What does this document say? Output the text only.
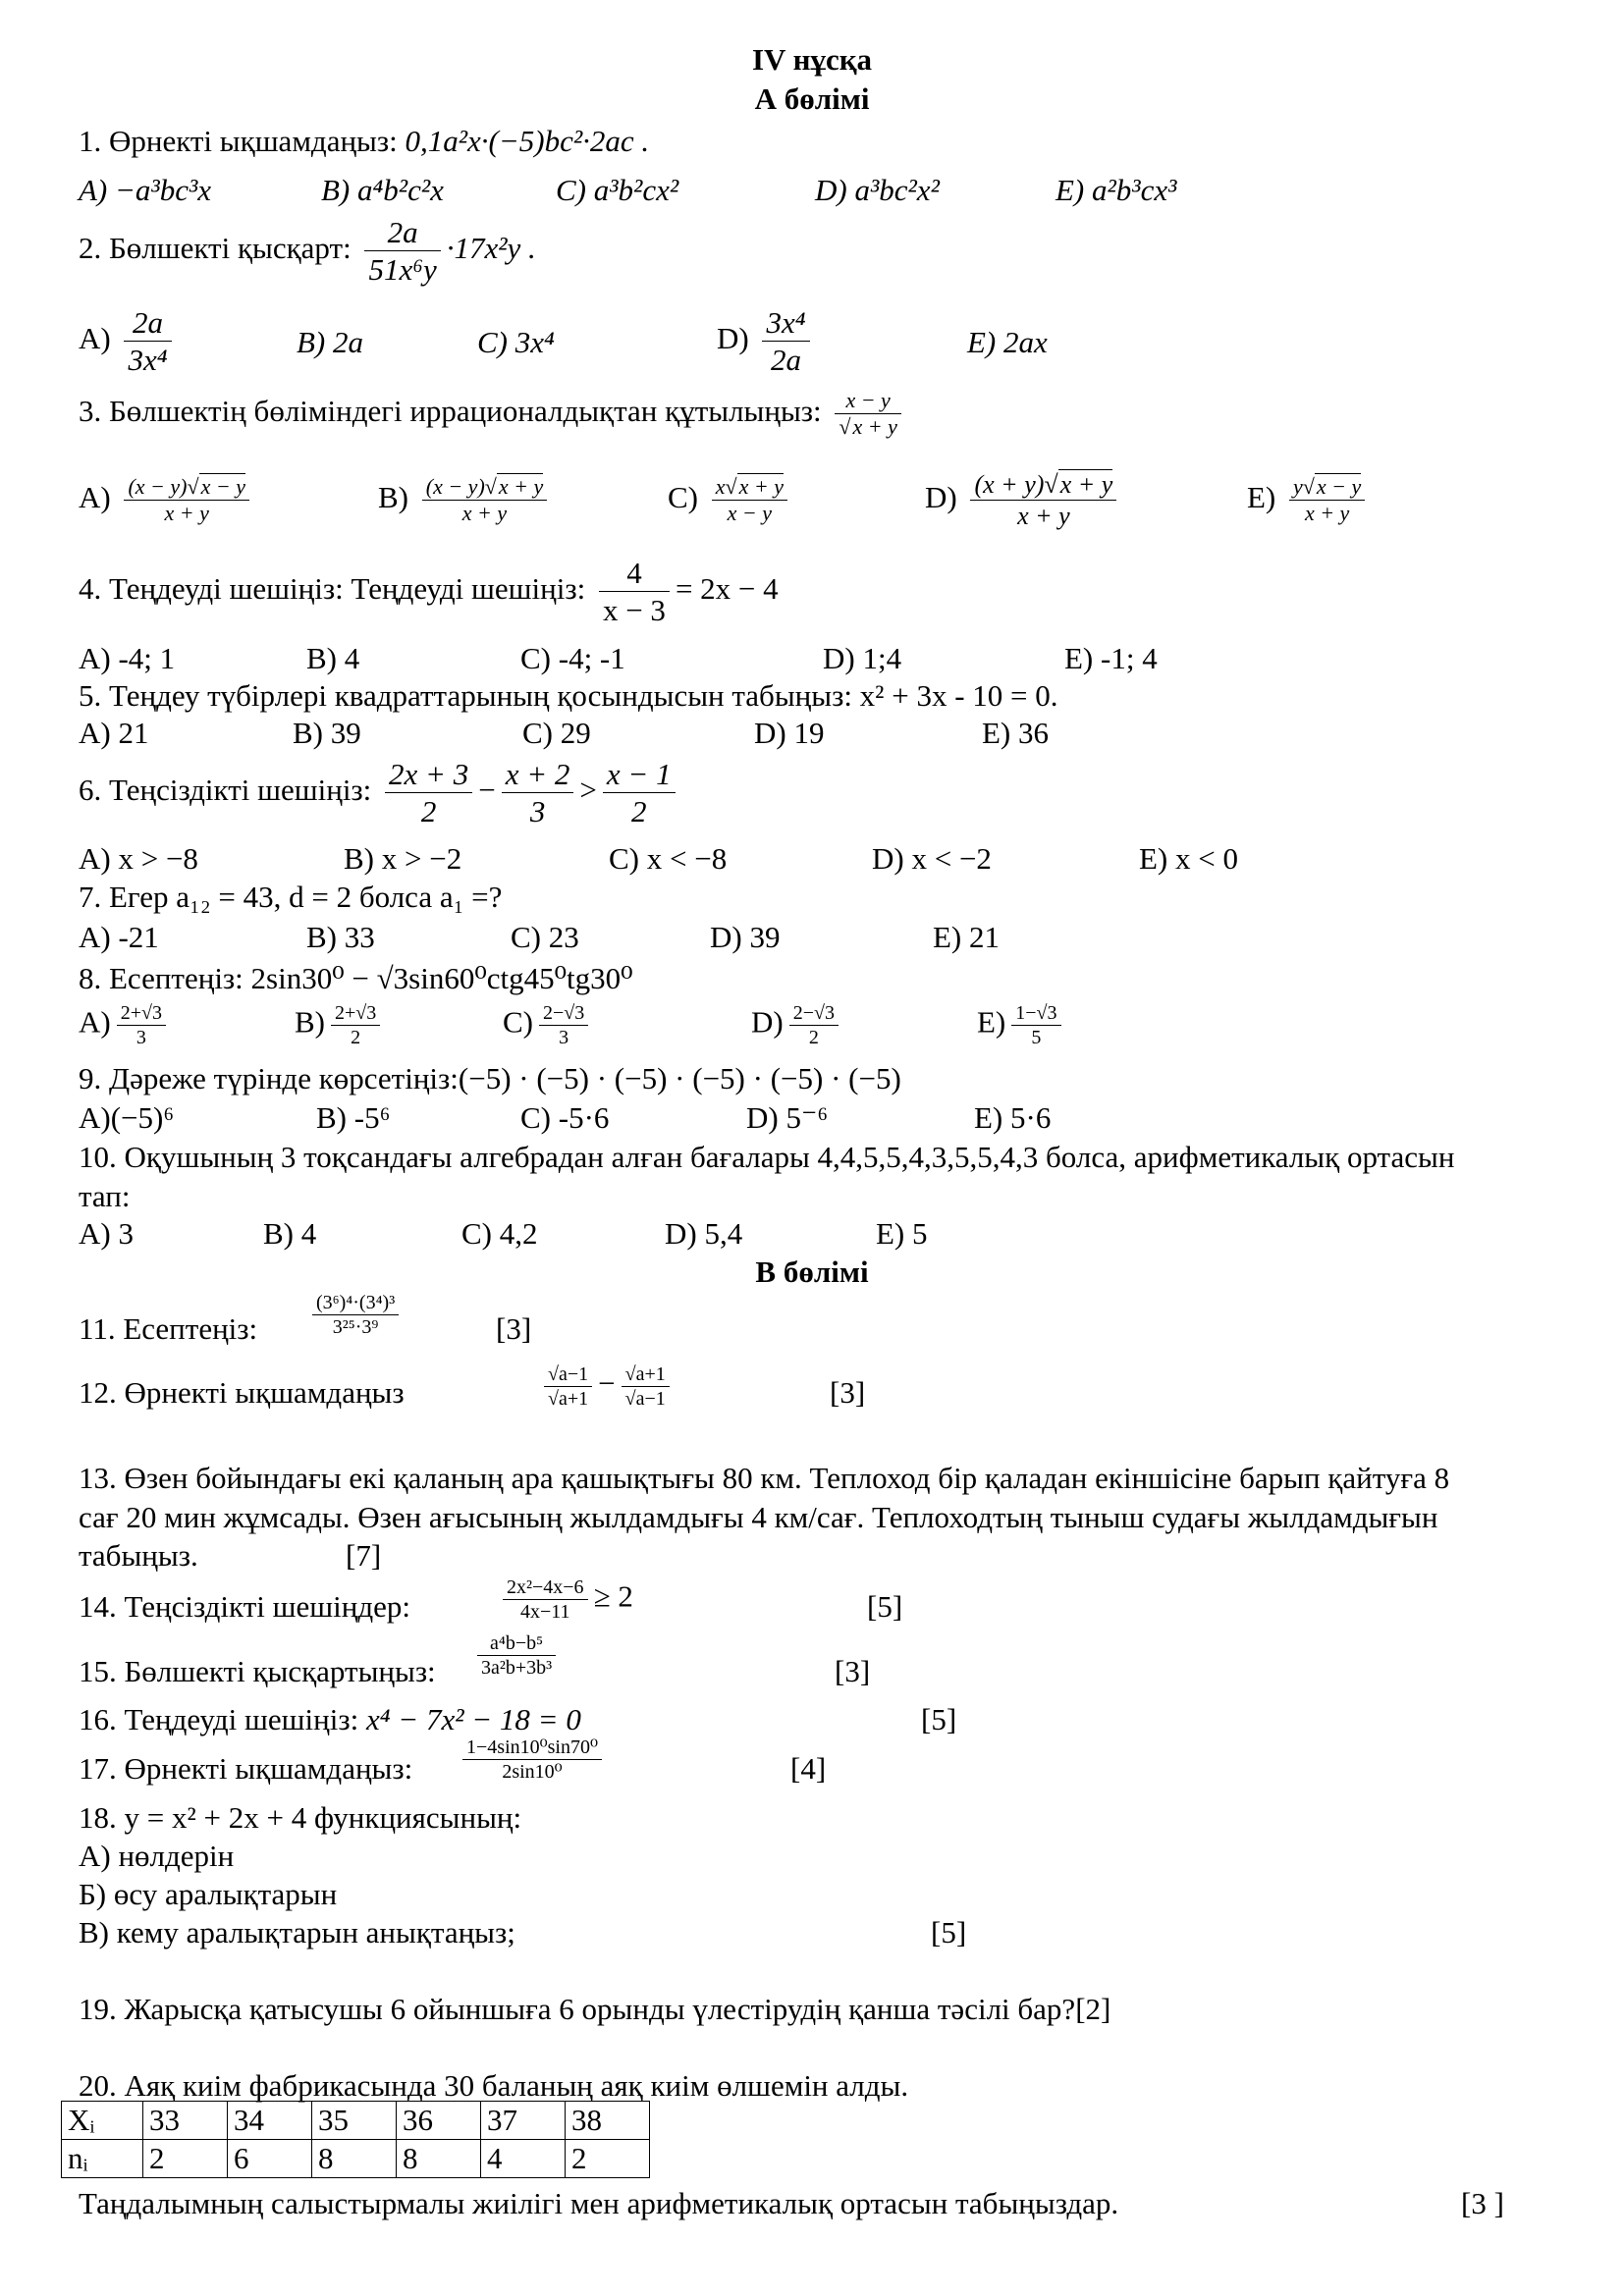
IV нұсқа
А бөлімі
1. Өрнекті ықшамдаңыз: 0,1a²x·(−5)bc²·2ac .
A) −a³bc³x	B) a⁴b²c²x	C) a³b²cx²	D) a³bc²x²	E) a²b³cx³
2. Бөлшекті қысқарт: $\frac{2a}{\text{51x⁶y}} \cdot 17x^2y$ .
$A) \frac{2a}{\text{3x⁴}}$	B) 2a	C) 3x⁴	$D) \frac{\text{3x⁴}}{2a}$	E) 2ax
3. Бөлшектің бөліміндегі иррационалдықтан құтылыңыз: $\frac{x - y}{√x + y}$
$A) \frac{(x - y)√x - y}{x + y}$	$B) \frac{(x - y)√x + y}{x + y}$	$C) \frac{x√x + y}{x - y}$	$D) \frac{(x + y)√x + y}{x + y}$	$E) \frac{y√x - y}{x + y}$
4. Теңдеуді шешіңіз: Теңдеуді шешіңіз: $\frac{4}{x - 3} = 2x - 4$
A) -4; 1	B) 4	C) -4; -1	D) 1;4	E) -1; 4
5. Теңдеу түбірлері квадраттарының қосындысын табыңыз: x² + 3x - 10 = 0.
A) 21	B) 39	C) 29	D) 19	E) 36
6. Теңсіздікті шешіңіз: $\frac{2x + 3}{2} - \frac{x + 2}{3} > \frac{x - 1}{2}$
A) x > −8	B) x > −2	C) x < −8	D) x < −2	E) x < 0
7. Егер a₁₂ = 43, d = 2 болса a₁ =?
A) -21	B) 33	C) 23	D) 39	E) 21
8. Есептеңіз: 2sin30⁰ − √3sin60⁰ctg45⁰tg30⁰
$A) \frac{2+√3}{3}$	$B) \frac{2+√3}{2}$	$C) \frac{2-√3}{3}$	$D) \frac{2-√3}{2}$	$E) \frac{1-√3}{5}$
9. Дәреже түрінде көрсетіңіз:(−5) · (−5) · (−5) · (−5) · (−5) · (−5)
A)(−5)⁶	B) -5⁶	C) -5·6	D) 5⁻⁶	E) 5·6
10. Оқушының 3 тоқсандағы алгебрадан алған бағалары 4,4,5,5,4,3,5,5,4,3 болса, арифметикалық ортасын
тап:
A) 3	B) 4	C) 4,2	D) 5,4	E) 5
В бөлімі
11. Есептеңіз:	$\frac{\text{(3⁶)⁴·(3⁴)³}}{\text{3²⁵·3⁹}}$	[3]
12. Өрнекті ықшамдаңыз	$\frac{√a-1}{√a+1} - \frac{√a+1}{√a-1}$	[3]
13. Өзен бойындағы екі қаланың ара қашықтығы 80 км. Теплоход бір қаладан екіншісіне барып қайтуға 8
сағ 20 мин жұмсады. Өзен ағысының жылдамдығы 4 км/сағ. Теплоходтың тыныш судағы жылдамдығын
табыңыз.	[7]
14. Теңсіздікті шешіңдер:	$\frac{\text{2x²−4x−6}}{4x-11} \ge 2$	[5]
15. Бөлшекті қысқартыңыз: $\frac{\text{a⁴b−b⁵}}{\text{3a²b+3b³}}$	[3]
16. Теңдеуді шешіңіз: x⁴ − 7x² − 18 = 0	[5]
17. Өрнекті ықшамдаңыз:	$\frac{\text{1−4sin10⁰sin70⁰}}{\text{2sin10⁰}}$	[4]
18. y = x² + 2x + 4 функциясының:
А) нөлдерін
Б) өсу аралықтарын
В) кему аралықтарын анықтаңыз;	[5]
19. Жарысқа қатысушы 6 ойыншыға 6 орынды үлестірудің қанша тәсілі бар?[2]
20. Аяқ киім фабрикасында 30 баланың аяқ киім өлшемін алды.
Xᵢ	33	34	35	36	37	38
nᵢ	2	6	8	8	4	2
Таңдалымның салыстырмалы жиілігі мен арифметикалық ортасын табыңыздар.	[3 ]
